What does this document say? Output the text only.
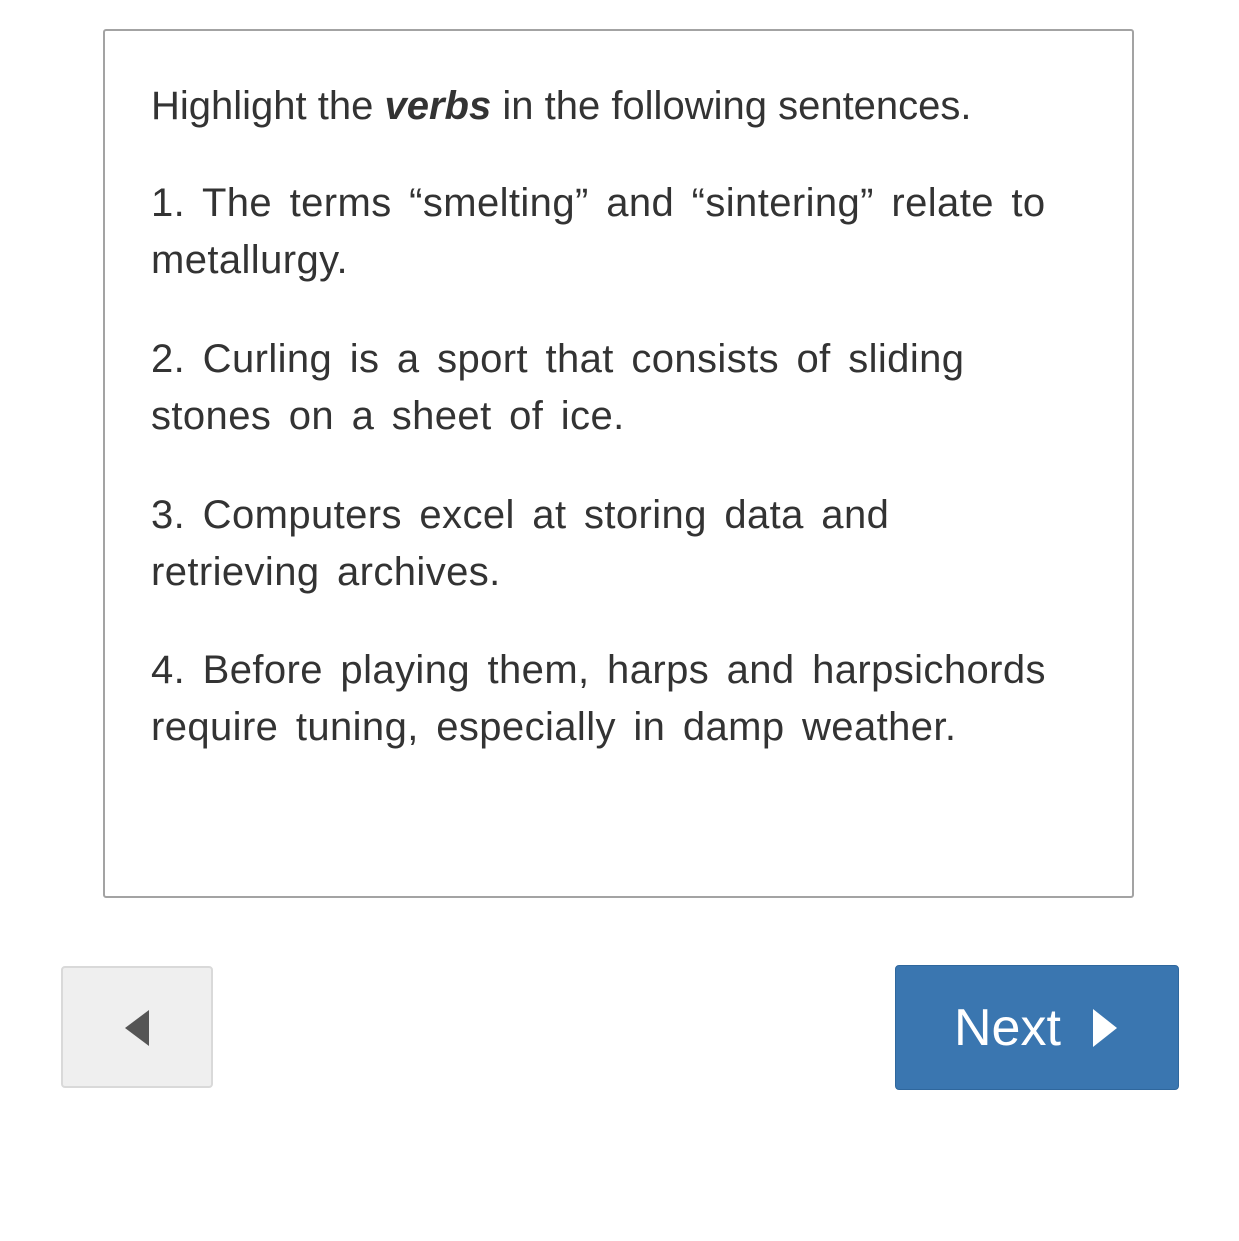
Highlight the verbs in the following sentences.

1. The terms “smelting” and “sintering” relate to metallurgy.

2. Curling is a sport that consists of sliding stones on a sheet of ice.

3. Computers excel at storing data and retrieving archives.

4. Before playing them, harps and harpsichords require tuning, especially in damp weather.

Next
